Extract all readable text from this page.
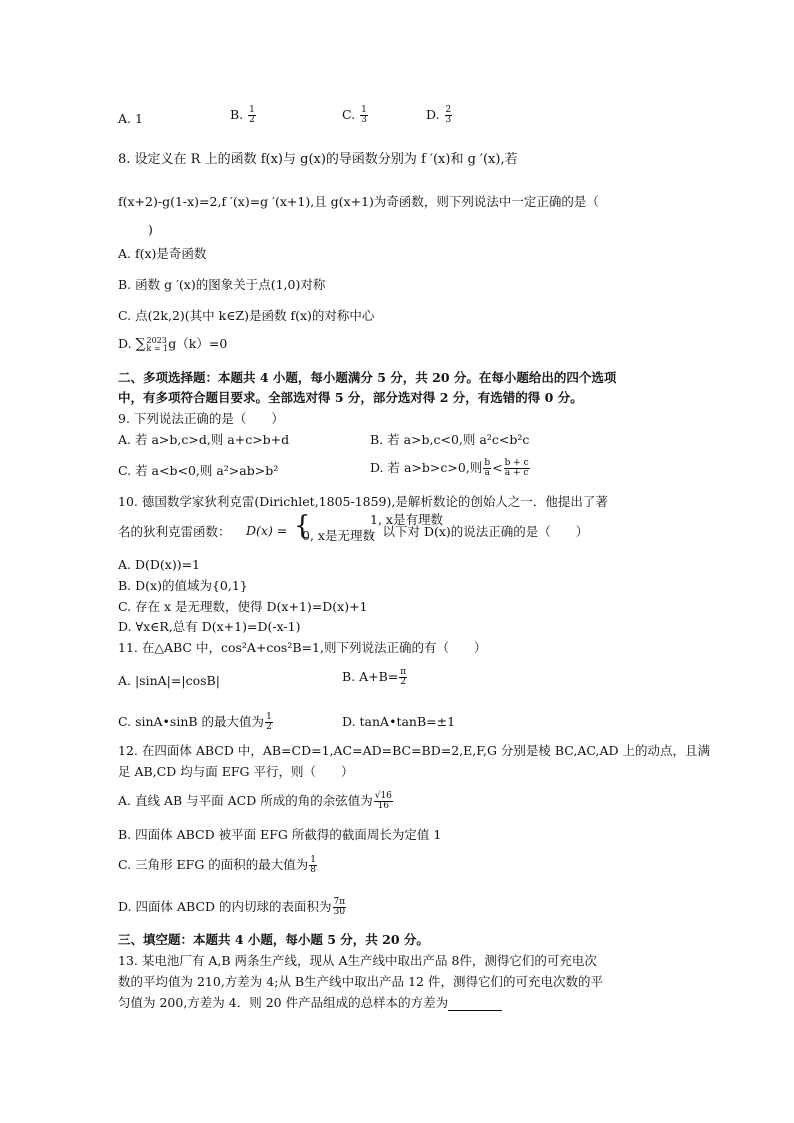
A. 1	B. $\frac{1}{2}$	C. $\frac{1}{3}$	D. $\frac{2}{3}$
8. 设定义在 R 上的函数 f(x)与 g(x)的导函数分别为 f ′(x)和 g ′(x),若
f(x+2)-g(1-x)=2,f ′(x)=g ′(x+1),且 g(x+1)为奇函数，则下列说法中一定正确的是（
)
A. f(x)是奇函数
B. 函数 g ′(x)的图象关于点(1,0)对称
C. 点(2k,2)(其中 k∈Z)是函数 f(x)的对称中心
D. ∑ 2023
k = 1 g（k）=0
二、多项选择题：本题共 4 小题，每小题满分 5 分，共 20 分。在每小题给出的四个选项
中，有多项符合题目要求。全部选对得 5 分，部分选对得 2 分，有选错的得 0 分。
9. 下列说法正确的是（　　）
A. 若 a>b,c>d,则 a+c>b+d	B. 若 a>b,c<0,则 a²c<b²c
C. 若 a<b<0,则 a²>ab>b²	D. 若 a>b>c>0,则 $\frac{b}{a} < \frac{b + c}{a + c}$
10. 德国数学家狄利克雷(Dirichlet,1805-1859),是解析数论的创始人之一．他提出了著
名的狄利克雷函数： D(x) = {	1, x是有理数
0, x是无理数
，以下对 D(x)的说法正确的是（　　）
A. D(D(x))=1
B. D(x)的值域为{0,1}
C. 存在 x 是无理数，使得 D(x+1)=D(x)+1
D. ∀x∈R,总有 D(x+1)=D(-x-1)
11. 在△ABC 中，cos²A+cos²B=1,则下列说法正确的有（　　）
A. |sinA|=|cosB|	B. $A+B= \frac{\pi}{2}$
C. sinA•sinB 的最大值为 $\frac{1}{2}$	D. tanA•tanB=±1
12. 在四面体 ABCD 中，AB=CD=1,AC=AD=BC=BD=2,E,F,G 分别是棱 BC,AC,AD 上的动点，且满
足 AB,CD 均与面 EFG 平行，则（　　）
A. 直线 AB 与平面 ACD 所成的角的余弦值为 $\frac{√16}{16}$
B. 四面体 ABCD 被平面 EFG 所截得的截面周长为定值 1
C. 三角形 EFG 的面积的最大值为 $\frac{1}{8}$
D. 四面体 ABCD 的内切球的表面积为 $\frac{7\pi}{30}$
三、填空题：本题共 4 小题，每小题 5 分，共 20 分。
13. 某电池厂有 A,B 两条生产线，现从 A生产线中取出产品 8件，测得它们的可充电次
数的平均值为 210,方差为 4;从 B生产线中取出产品 12 件，测得它们的可充电次数的平
匀值为 200,方差为 4．则 20 件产品组成的总样本的方差为
